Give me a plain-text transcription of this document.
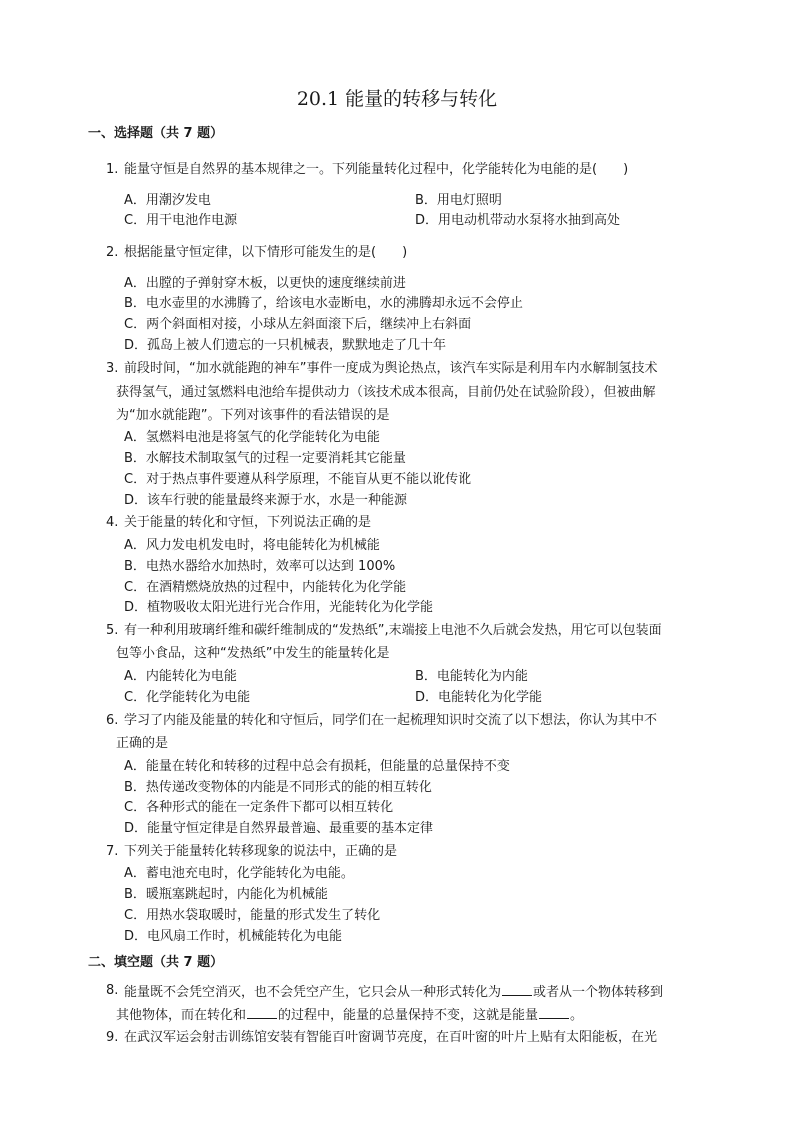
20.1 能量的转移与转化
一、选择题（共 7 题）
1. 能量守恒是自然界的基本规律之一。下列能量转化过程中，化学能转化为电能的是(　　)
A．用潮汐发电	B．用电灯照明
C．用干电池作电源	D．用电动机带动水泵将水抽到高处
2. 根据能量守恒定律，以下情形可能发生的是(　　)
A．出膛的子弹射穿木板，以更快的速度继续前进
B．电水壶里的水沸腾了，给该电水壶断电，水的沸腾却永远不会停止
C．两个斜面相对接，小球从左斜面滚下后，继续冲上右斜面
D．孤岛上被人们遗忘的一只机械表，默默地走了几十年
3. 前段时间，“加水就能跑的神车”事件一度成为舆论热点，该汽车实际是利用车内水解制氢技术
获得氢气，通过氢燃料电池给车提供动力（该技术成本很高，目前仍处在试验阶段），但被曲解
为“加水就能跑”。下列对该事件的看法错误的是
A．氢燃料电池是将氢气的化学能转化为电能
B．水解技术制取氢气的过程一定要消耗其它能量
C．对于热点事件要遵从科学原理，不能盲从更不能以讹传讹
D．该车行驶的能量最终来源于水，水是一种能源
4. 关于能量的转化和守恒，下列说法正确的是
A．风力发电机发电时，将电能转化为机械能
B．电热水器给水加热时，效率可以达到 100%
C．在酒精燃烧放热的过程中，内能转化为化学能
D．植物吸收太阳光进行光合作用，光能转化为化学能
5. 有一种利用玻璃纤维和碳纤维制成的“发热纸”,末端接上电池不久后就会发热，用它可以包装面
包等小食品，这种“发热纸”中发生的能量转化是
A．内能转化为电能	B．电能转化为内能
C．化学能转化为电能	D．电能转化为化学能
6. 学习了内能及能量的转化和守恒后，同学们在一起梳理知识时交流了以下想法，你认为其中不
正确的是
A．能量在转化和转移的过程中总会有损耗，但能量的总量保持不变
B．热传递改变物体的内能是不同形式的能的相互转化
C．各种形式的能在一定条件下都可以相互转化
D．能量守恒定律是自然界最普遍、最重要的基本定律
7. 下列关于能量转化转移现象的说法中，正确的是
A．蓄电池充电时，化学能转化为电能。
B．暖瓶塞跳起时，内能化为机械能
C．用热水袋取暖时，能量的形式发生了转化
D．电风扇工作时，机械能转化为电能
二、填空题（共 7 题）
8. 能量既不会凭空消灭，也不会凭空产生，它只会从一种形式转化为 或者从一个物体转移到
其他物体，而在转化和 的过程中，能量的总量保持不变，这就是能量 。
9. 在武汉军运会射击训练馆安装有智能百叶窗调节亮度，在百叶窗的叶片上贴有太阳能板，在光
